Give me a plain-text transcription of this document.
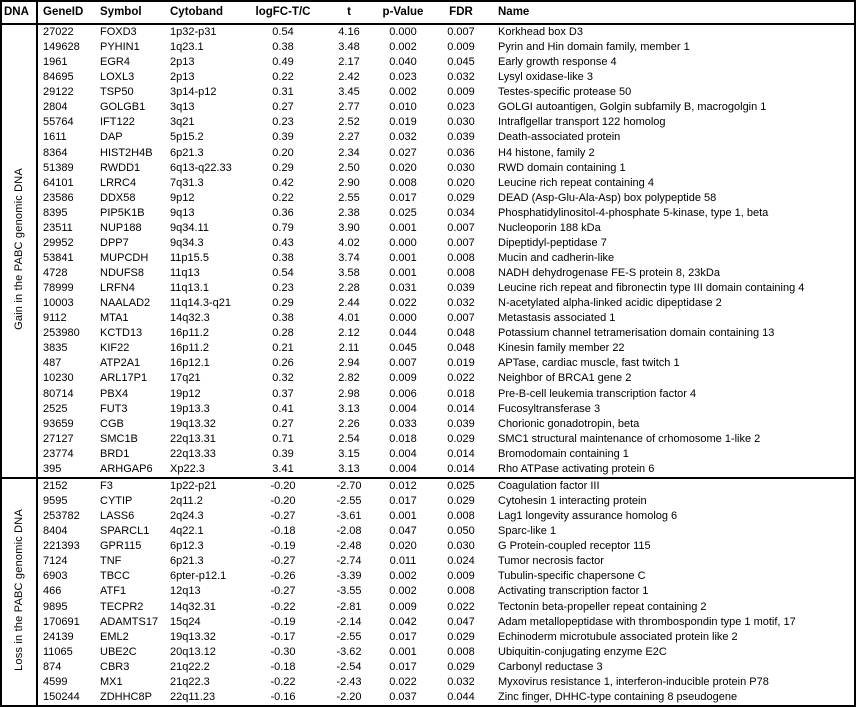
DNA	GeneID	Symbol	Cytoband	logFC-T/C	t	p-Value	FDR	Name
Gain in the PABC genomic DNA	27022	FOXD3	1p32-p31	0.54	4.16	0.000	0.007	Korkhead box D3
	149628	PYHIN1	1q23.1	0.38	3.48	0.002	0.009	Pyrin and Hin domain family, member 1
	1961	EGR4	2p13	0.49	2.17	0.040	0.045	Early growth response 4
	84695	LOXL3	2p13	0.22	2.42	0.023	0.032	Lysyl oxidase-like 3
	29122	TSP50	3p14-p12	0.31	3.45	0.002	0.009	Testes-specific protease 50
	2804	GOLGB1	3q13	0.27	2.77	0.010	0.023	GOLGI autoantigen, Golgin subfamily B, macrogolgin 1
	55764	IFT122	3q21	0.23	2.52	0.019	0.030	Intraflgellar transport 122 homolog
	1611	DAP	5p15.2	0.39	2.27	0.032	0.039	Death-associated protein
	8364	HIST2H4B	6p21.3	0.20	2.34	0.027	0.036	H4 histone, family 2
	51389	RWDD1	6q13-q22.33	0.29	2.50	0.020	0.030	RWD domain containing 1
	64101	LRRC4	7q31.3	0.42	2.90	0.008	0.020	Leucine rich repeat containing 4
	23586	DDX58	9p12	0.22	2.55	0.017	0.029	DEAD (Asp-Glu-Ala-Asp) box polypeptide 58
	8395	PIP5K1B	9q13	0.36	2.38	0.025	0.034	Phosphatidylinositol-4-phosphate 5-kinase, type 1, beta
	23511	NUP188	9q34.11	0.79	3.90	0.001	0.007	Nucleoporin 188 kDa
	29952	DPP7	9q34.3	0.43	4.02	0.000	0.007	Dipeptidyl-peptidase 7
	53841	MUPCDH	11p15.5	0.38	3.74	0.001	0.008	Mucin and cadherin-like
	4728	NDUFS8	11q13	0.54	3.58	0.001	0.008	NADH dehydrogenase FE-S protein 8, 23kDa
	78999	LRFN4	11q13.1	0.23	2.28	0.031	0.039	Leucine rich repeat and fibronectin type III domain containing 4
	10003	NAALAD2	11q14.3-q21	0.29	2.44	0.022	0.032	N-acetylated alpha-linked acidic dipeptidase 2
	9112	MTA1	14q32.3	0.38	4.01	0.000	0.007	Metastasis associated 1
	253980	KCTD13	16p11.2	0.28	2.12	0.044	0.048	Potassium channel tetramerisation domain containing 13
	3835	KIF22	16p11.2	0.21	2.11	0.045	0.048	Kinesin family member 22
	487	ATP2A1	16p12.1	0.26	2.94	0.007	0.019	APTase, cardiac muscle, fast twitch 1
	10230	ARL17P1	17q21	0.32	2.82	0.009	0.022	Neighbor of BRCA1 gene 2
	80714	PBX4	19p12	0.37	2.98	0.006	0.018	Pre-B-cell leukemia transcription factor 4
	2525	FUT3	19p13.3	0.41	3.13	0.004	0.014	Fucosyltransferase 3
	93659	CGB	19q13.32	0.27	2.26	0.033	0.039	Chorionic gonadotropin, beta
	27127	SMC1B	22q13.31	0.71	2.54	0.018	0.029	SMC1 structural maintenance of crhomosome 1-like 2
	23774	BRD1	22q13.33	0.39	3.15	0.004	0.014	Bromodomain containing 1
	395	ARHGAP6	Xp22.3	3.41	3.13	0.004	0.014	Rho ATPase activating protein 6
Loss in the PABC genomic DNA	2152	F3	1p22-p21	-0.20	-2.70	0.012	0.025	Coagulation factor III
	9595	CYTIP	2q11.2	-0.20	-2.55	0.017	0.029	Cytohesin 1 interacting protein
	253782	LASS6	2q24.3	-0.27	-3.61	0.001	0.008	Lag1 longevity assurance homolog 6
	8404	SPARCL1	4q22.1	-0.18	-2.08	0.047	0.050	Sparc-like 1
	221393	GPR115	6p12.3	-0.19	-2.48	0.020	0.030	G Protein-coupled receptor 115
	7124	TNF	6p21.3	-0.27	-2.74	0.011	0.024	Tumor necrosis factor
	6903	TBCC	6pter-p12.1	-0.26	-3.39	0.002	0.009	Tubulin-specific chapersone C
	466	ATF1	12q13	-0.27	-3.55	0.002	0.008	Activating transcription factor 1
	9895	TECPR2	14q32.31	-0.22	-2.81	0.009	0.022	Tectonin beta-propeller repeat containing 2
	170691	ADAMTS17	15q24	-0.19	-2.14	0.042	0.047	Adam metallopeptidase with thrombospondin type 1 motif, 17
	24139	EML2	19q13.32	-0.17	-2.55	0.017	0.029	Echinoderm microtubule associated protein like 2
	11065	UBE2C	20q13.12	-0.30	-3.62	0.001	0.008	Ubiquitin-conjugating enzyme E2C
	874	CBR3	21q22.2	-0.18	-2.54	0.017	0.029	Carbonyl reductase 3
	4599	MX1	21q22.3	-0.22	-2.43	0.022	0.032	Myxovirus resistance 1, interferon-inducible protein P78
	150244	ZDHHC8P	22q11.23	-0.16	-2.20	0.037	0.044	Zinc finger, DHHC-type containing 8 pseudogene
